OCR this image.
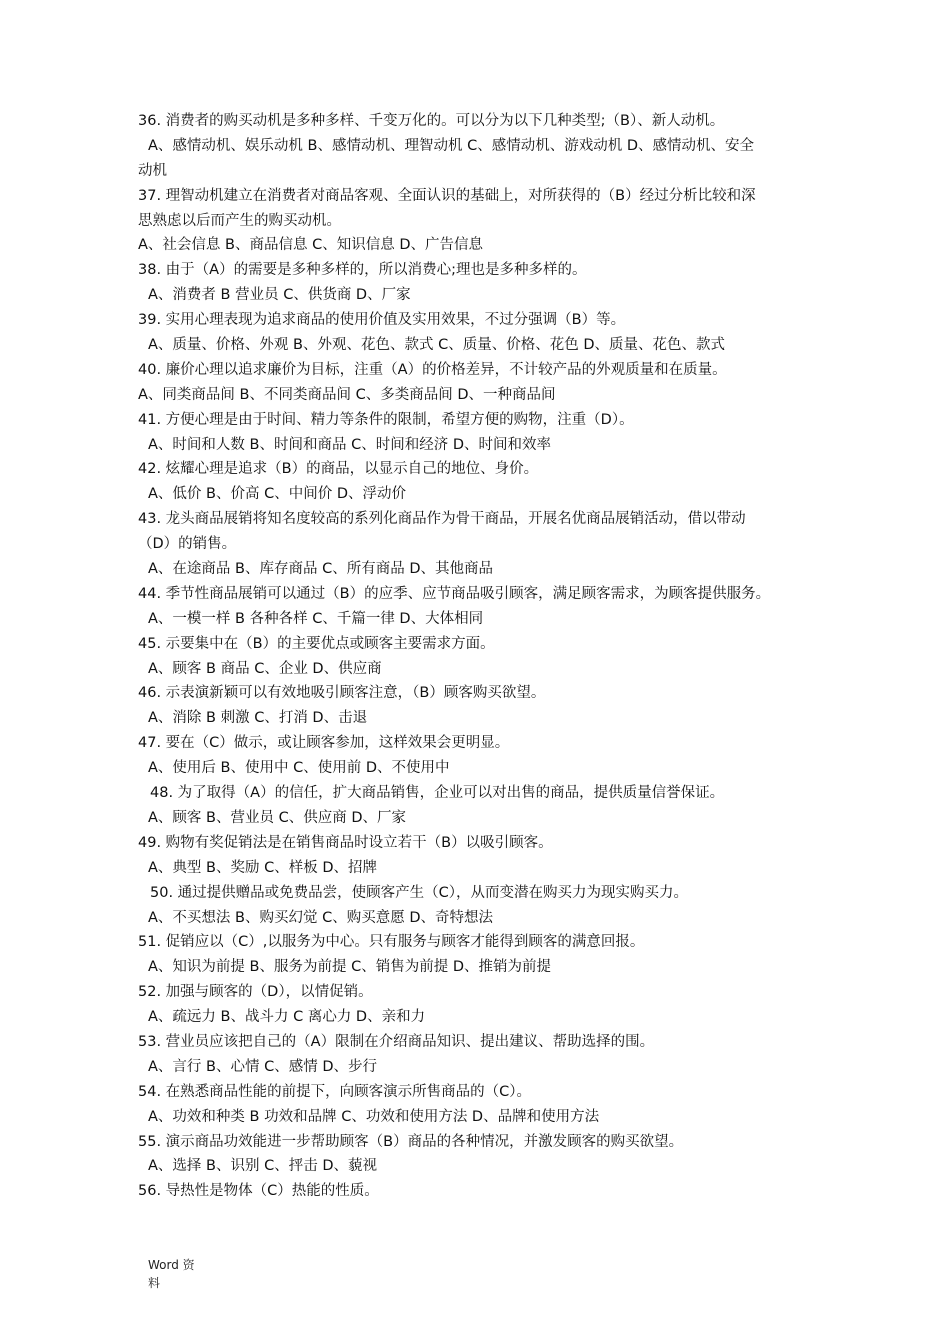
36. 消费者的购买动机是多种多样、千变万化的。可以分为以下几种类型;（B）、新人动机。
A、感情动机、娱乐动机 B、感情动机、理智动机 C、感情动机、游戏动机 D、感情动机、安全
动机
37. 理智动机建立在消费者对商品客观、全面认识的基础上，对所获得的（B）经过分析比较和深
思熟虑以后而产生的购买动机。
A、社会信息 B、商品信息 C、知识信息 D、广告信息
38. 由于（A）的需要是多种多样的，所以消费心;理也是多种多样的。
A、消费者 B 营业员 C、供货商 D、厂家
39. 实用心理表现为追求商品的使用价值及实用效果，不过分强调（B）等。
A、质量、价格、外观 B、外观、花色、款式 C、质量、价格、花色 D、质量、花色、款式
40. 廉价心理以追求廉价为目标，注重（A）的价格差异，不计较产品的外观质量和在质量。
A、同类商品间 B、不同类商品间 C、多类商品间 D、一种商品间
41. 方便心理是由于时间、精力等条件的限制，希望方便的购物，注重（D）。
A、时间和人数 B、时间和商品 C、时间和经济 D、时间和效率
42. 炫耀心理是追求（B）的商品，以显示自己的地位、身价。
A、低价 B、价高 C、中间价 D、浮动价
43. 龙头商品展销将知名度较高的系列化商品作为骨干商品，开展名优商品展销活动，借以带动
（D）的销售。
A、在途商品 B、库存商品 C、所有商品 D、其他商品
44. 季节性商品展销可以通过（B）的应季、应节商品吸引顾客，满足顾客需求，为顾客提供服务。
A、一模一样 B 各种各样 C、千篇一律 D、大体相同
45. 示要集中在（B）的主要优点或顾客主要需求方面。
A、顾客 B 商品 C、企业 D、供应商
46. 示表演新颖可以有效地吸引顾客注意，（B）顾客购买欲望。
A、消除 B 刺激 C、打消 D、击退
47. 要在（C）做示，或让顾客参加，这样效果会更明显。
A、使用后 B、使用中 C、使用前 D、不使用中
48. 为了取得（A）的信任，扩大商品销售，企业可以对出售的商品，提供质量信誉保证。
A、顾客 B、营业员 C、供应商 D、厂家
49. 购物有奖促销法是在销售商品时设立若干（B）以吸引顾客。
A、典型 B、奖励 C、样板 D、招牌
50. 通过提供赠品或免费品尝，使顾客产生（C），从而变潜在购买力为现实购买力。
A、不买想法 B、购买幻觉 C、购买意愿 D、奇特想法
51. 促销应以（C）,以服务为中心。只有服务与顾客才能得到顾客的满意回报。
A、知识为前提 B、服务为前提 C、销售为前提 D、推销为前提
52. 加强与顾客的（D），以情促销。
A、疏远力 B、战斗力 C 离心力 D、亲和力
53. 营业员应该把自己的（A）限制在介绍商品知识、提出建议、帮助选择的围。
A、言行 B、心情 C、感情 D、步行
54. 在熟悉商品性能的前提下，向顾客演示所售商品的（C）。
A、功效和种类 B 功效和品牌 C、功效和使用方法 D、品牌和使用方法
55. 演示商品功效能进一步帮助顾客（B）商品的各种情况，并激发顾客的购买欲望。
A、选择 B、识别 C、抨击 D、藐视
56. 导热性是物体（C）热能的性质。
Word 资
料
